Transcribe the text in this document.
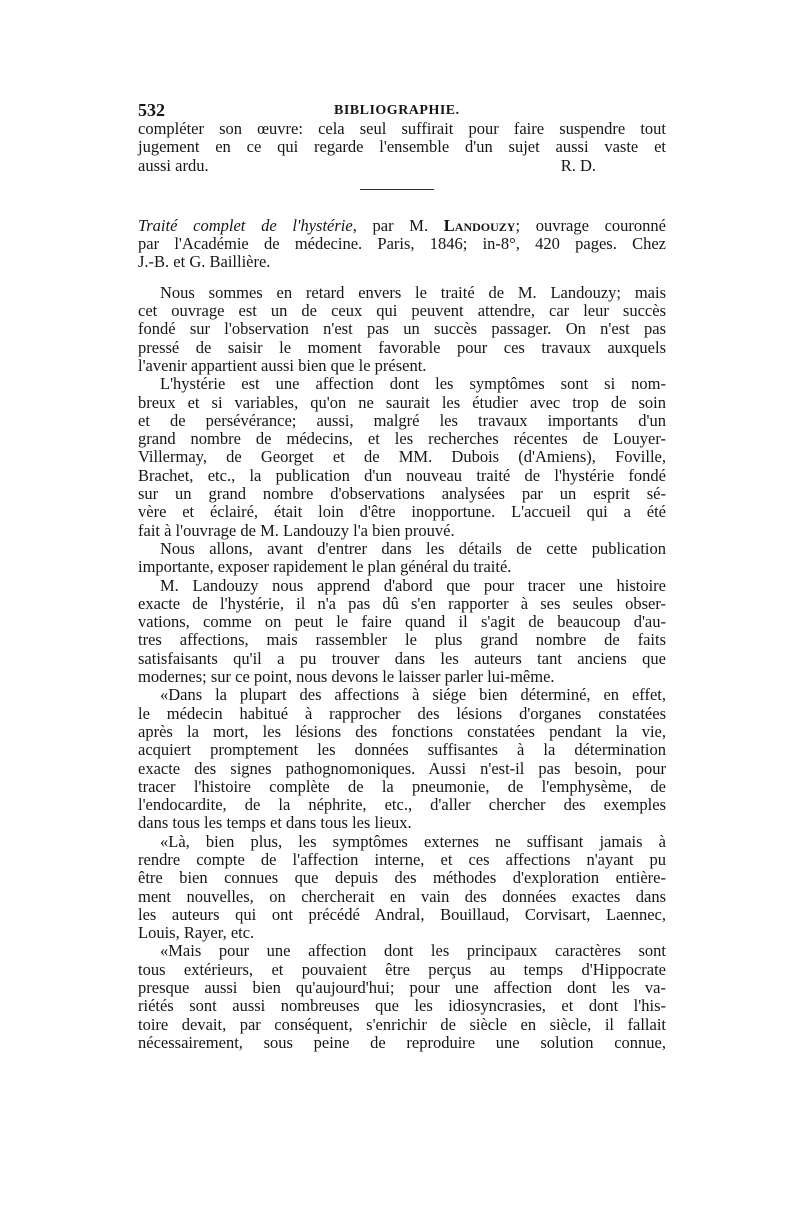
532	BIBLIOGRAPHIE.
compléter son œuvre: cela seul suffirait pour faire suspendre tout
jugement en ce qui regarde l'ensemble d'un sujet aussi vaste et
aussi ardu.	R. D.
Traité complet de l'hystérie, par M. Landouzy; ouvrage couronné
par l'Académie de médecine. Paris, 1846; in-8°, 420 pages. Chez
J.-B. et G. Baillière.
Nous sommes en retard envers le traité de M. Landouzy; mais
cet ouvrage est un de ceux qui peuvent attendre, car leur succès
fondé sur l'observation n'est pas un succès passager. On n'est pas
pressé de saisir le moment favorable pour ces travaux auxquels
l'avenir appartient aussi bien que le présent.
L'hystérie est une affection dont les symptômes sont si nom-
breux et si variables, qu'on ne saurait les étudier avec trop de soin
et de persévérance; aussi, malgré les travaux importants d'un
grand nombre de médecins, et les recherches récentes de Louyer-
Villermay, de Georget et de MM. Dubois (d'Amiens), Foville,
Brachet, etc., la publication d'un nouveau traité de l'hystérie fondé
sur un grand nombre d'observations analysées par un esprit sé-
vère et éclairé, était loin d'être inopportune. L'accueil qui a été
fait à l'ouvrage de M. Landouzy l'a bien prouvé.
Nous allons, avant d'entrer dans les détails de cette publication
importante, exposer rapidement le plan général du traité.
M. Landouzy nous apprend d'abord que pour tracer une histoire
exacte de l'hystérie, il n'a pas dû s'en rapporter à ses seules obser-
vations, comme on peut le faire quand il s'agit de beaucoup d'au-
tres affections, mais rassembler le plus grand nombre de faits
satisfaisants qu'il a pu trouver dans les auteurs tant anciens que
modernes; sur ce point, nous devons le laisser parler lui-même.
«Dans la plupart des affections à siége bien déterminé, en effet,
le médecin habitué à rapprocher des lésions d'organes constatées
après la mort, les lésions des fonctions constatées pendant la vie,
acquiert promptement les données suffisantes à la détermination
exacte des signes pathognomoniques. Aussi n'est-il pas besoin, pour
tracer l'histoire complète de la pneumonie, de l'emphysème, de
l'endocardite, de la néphrite, etc., d'aller chercher des exemples
dans tous les temps et dans tous les lieux.
«Là, bien plus, les symptômes externes ne suffisant jamais à
rendre compte de l'affection interne, et ces affections n'ayant pu
être bien connues que depuis des méthodes d'exploration entière-
ment nouvelles, on chercherait en vain des données exactes dans
les auteurs qui ont précédé Andral, Bouillaud, Corvisart, Laennec,
Louis, Rayer, etc.
«Mais pour une affection dont les principaux caractères sont
tous extérieurs, et pouvaient être perçus au temps d'Hippocrate
presque aussi bien qu'aujourd'hui; pour une affection dont les va-
riétés sont aussi nombreuses que les idiosyncrasies, et dont l'his-
toire devait, par conséquent, s'enrichir de siècle en siècle, il fallait
nécessairement, sous peine de reproduire une solution connue,
